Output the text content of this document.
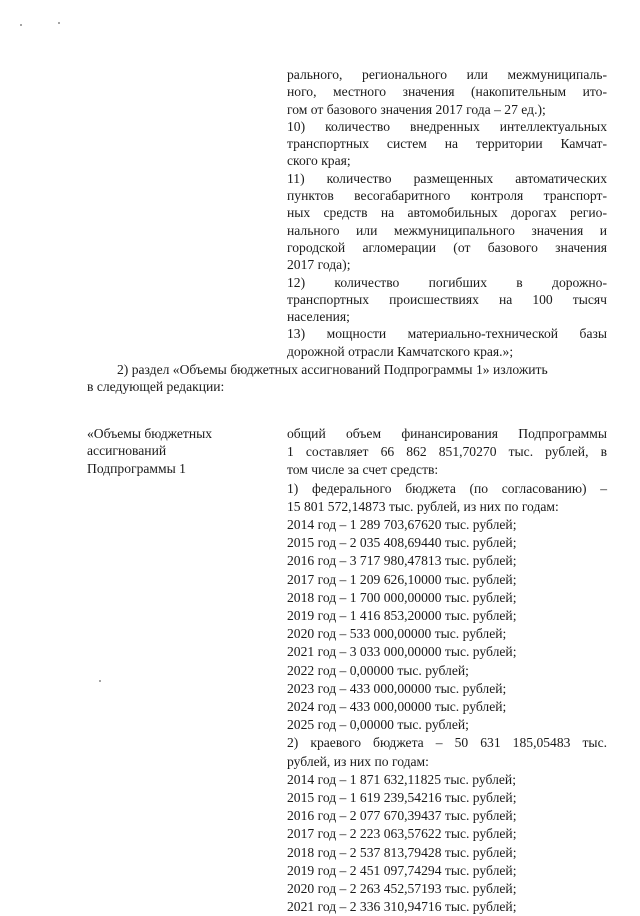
рального, регионального или межмуниципаль-
ного, местного значения (накопительным ито-
гом от базового значения 2017 года – 27 ед.);
10) количество внедренных интеллектуальных
транспортных систем на территории Камчат-
ского края;
11) количество размещенных автоматических
пунктов весогабаритного контроля транспорт-
ных средств на автомобильных дорогах регио-
нального или межмуниципального значения и
городской агломерации (от базового значения
2017 года);
12) количество погибших в дорожно-
транспортных происшествиях на 100 тысяч
населения;
13) мощности материально-технической базы
дорожной отрасли Камчатского края.»;
2) раздел «Объемы бюджетных ассигнований Подпрограммы 1» изложить
в следующей редакции:
«Объемы бюджетных
ассигнований
Подпрограммы 1
общий объем финансирования Подпрограммы
1 составляет 66 862 851,70270 тыс. рублей, в
том числе за счет средств:
1) федерального бюджета (по согласованию) –
15 801 572,14873 тыс. рублей, из них по годам:
2014 год – 1 289 703,67620 тыс. рублей;
2015 год – 2 035 408,69440 тыс. рублей;
2016 год – 3 717 980,47813 тыс. рублей;
2017 год – 1 209 626,10000 тыс. рублей;
2018 год – 1 700 000,00000 тыс. рублей;
2019 год – 1 416 853,20000 тыс. рублей;
2020 год – 533 000,00000 тыс. рублей;
2021 год – 3 033 000,00000 тыс. рублей;
2022 год – 0,00000 тыс. рублей;
2023 год – 433 000,00000 тыс. рублей;
2024 год – 433 000,00000 тыс. рублей;
2025 год – 0,00000 тыс. рублей;
2) краевого бюджета – 50 631 185,05483 тыс.
рублей, из них по годам:
2014 год – 1 871 632,11825 тыс. рублей;
2015 год – 1 619 239,54216 тыс. рублей;
2016 год – 2 077 670,39437 тыс. рублей;
2017 год – 2 223 063,57622 тыс. рублей;
2018 год – 2 537 813,79428 тыс. рублей;
2019 год – 2 451 097,74294 тыс. рублей;
2020 год – 2 263 452,57193 тыс. рублей;
2021 год – 2 336 310,94716 тыс. рублей;
